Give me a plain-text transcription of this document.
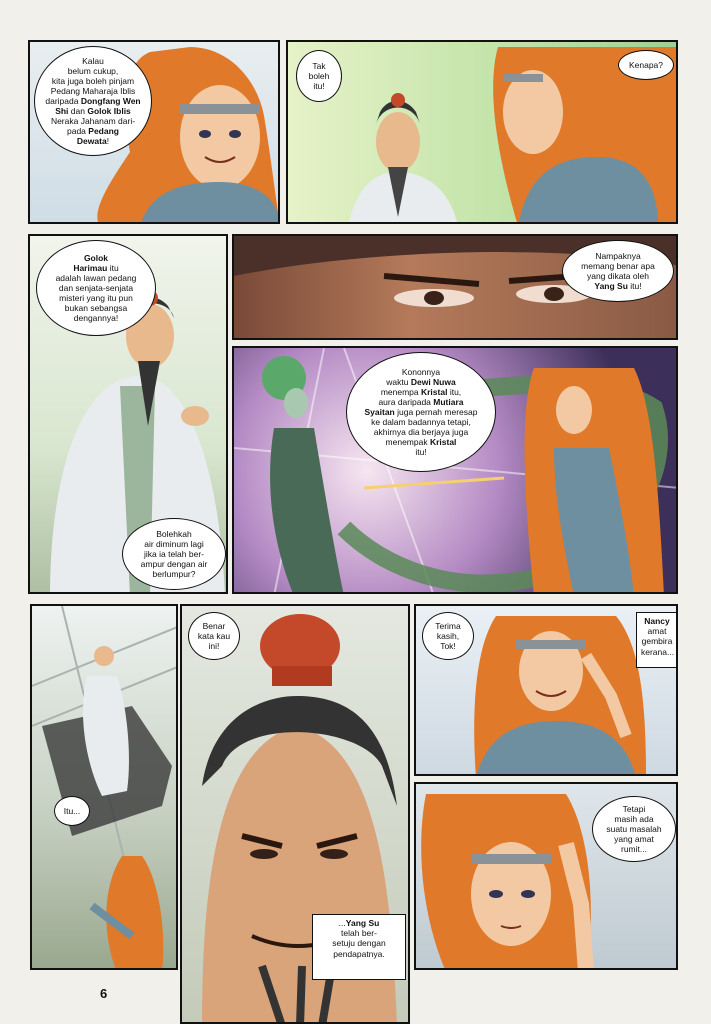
Kalau
belum cukup,
kita juga boleh pinjam
Pedang Maharaja Iblis
daripada Dongfang Wen
Shi dan Golok Iblis
Neraka Jahanam dari-
pada Pedang
Dewata!
Tak
boleh
itu!
Kenapa?
Golok
Harimau itu
adalah lawan pedang
dan senjata-senjata
misteri yang itu pun
bukan sebangsa
dengannya!
Bolehkah
air diminum lagi
jika ia telah ber-
ampur dengan air
berlumpur?
Nampaknya
memang benar apa
yang dikata oleh
Yang Su itu!
Kononnya
waktu Dewi Nuwa
menempa Kristal itu,
aura daripada Mutiara
Syaitan juga pernah meresap
ke dalam badannya tetapi,
akhirnya dia berjaya juga
menempak Kristal
itu!
Itu...
Benar
kata kau
ini!
...Yang Su
telah ber-
setuju dengan
pendapatnya.
Terima
kasih,
Tok!
Nancy
amat
gembira
kerana...
Tetapi
masih ada
suatu masalah
yang amat
rumit...
6
